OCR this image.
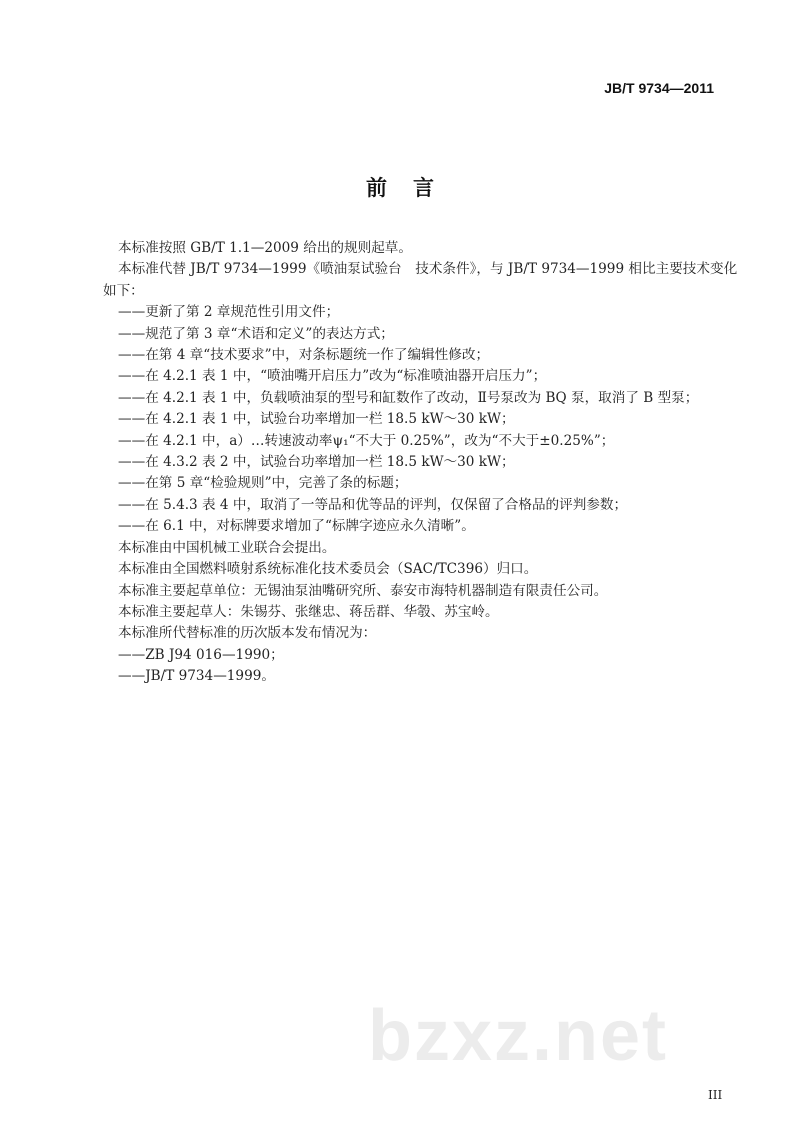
JB/T 9734—2011
前言
本标准按照 GB/T 1.1—2009 给出的规则起草。
本标准代替 JB/T 9734—1999《喷油泵试验台　技术条件》，与 JB/T 9734—1999 相比主要技术变化
如下：
——更新了第 2 章规范性引用文件；
——规范了第 3 章“术语和定义”的表达方式；
——在第 4 章“技术要求”中，对条标题统一作了编辑性修改；
——在 4.2.1 表 1 中，“喷油嘴开启压力”改为“标准喷油器开启压力”；
——在 4.2.1 表 1 中，负载喷油泵的型号和缸数作了改动，Ⅱ号泵改为 BQ 泵，取消了 B 型泵；
——在 4.2.1 表 1 中，试验台功率增加一栏 18.5 kW～30 kW；
——在 4.2.1 中，a）…转速波动率ψ₁“不大于 0.25%”，改为“不大于±0.25%”；
——在 4.3.2 表 2 中，试验台功率增加一栏 18.5 kW～30 kW；
——在第 5 章“检验规则”中，完善了条的标题；
——在 5.4.3 表 4 中，取消了一等品和优等品的评判，仅保留了合格品的评判参数；
——在 6.1 中，对标牌要求增加了“标牌字迹应永久清晰”。
本标准由中国机械工业联合会提出。
本标准由全国燃料喷射系统标准化技术委员会（SAC/TC396）归口。
本标准主要起草单位：无锡油泵油嘴研究所、泰安市海特机器制造有限责任公司。
本标准主要起草人：朱锡芬、张继忠、蒋岳群、华彀、苏宝岭。
本标准所代替标准的历次版本发布情况为：
——ZB J94 016—1990；
——JB/T 9734—1999。
bzxz.net
III
